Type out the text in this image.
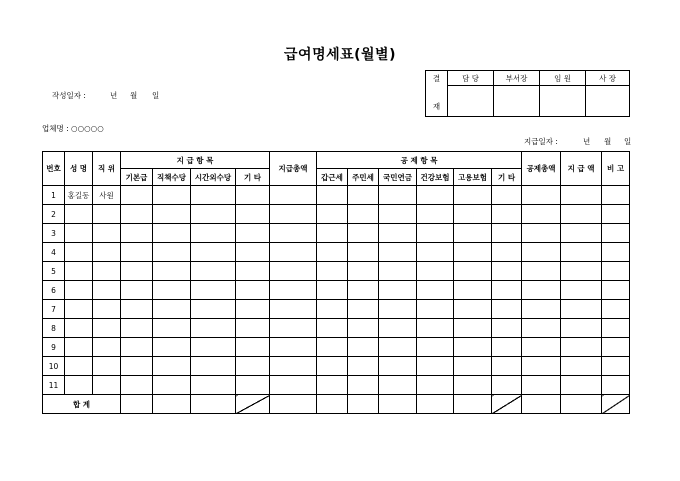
급여명세표(월별)
작성일자 :	년 월 일
결	담 당	부서장	임 원	사 장
재				
업체명 : ○○○○○
지급일자 :	년 월 일
번호	성 명	직 위	지 급 항 목				지급총액	공 제 항 목						공제총액	지 급 액	비 고
			기본급	직책수당	시간외수당	기 타		갑근세	주민세	국민연금	건강보험	고용보험	기 타			
1	홍길동	사원														
2																
3																
4																
5																
6																
7																
8																
9																
10																
11																
합 계																
